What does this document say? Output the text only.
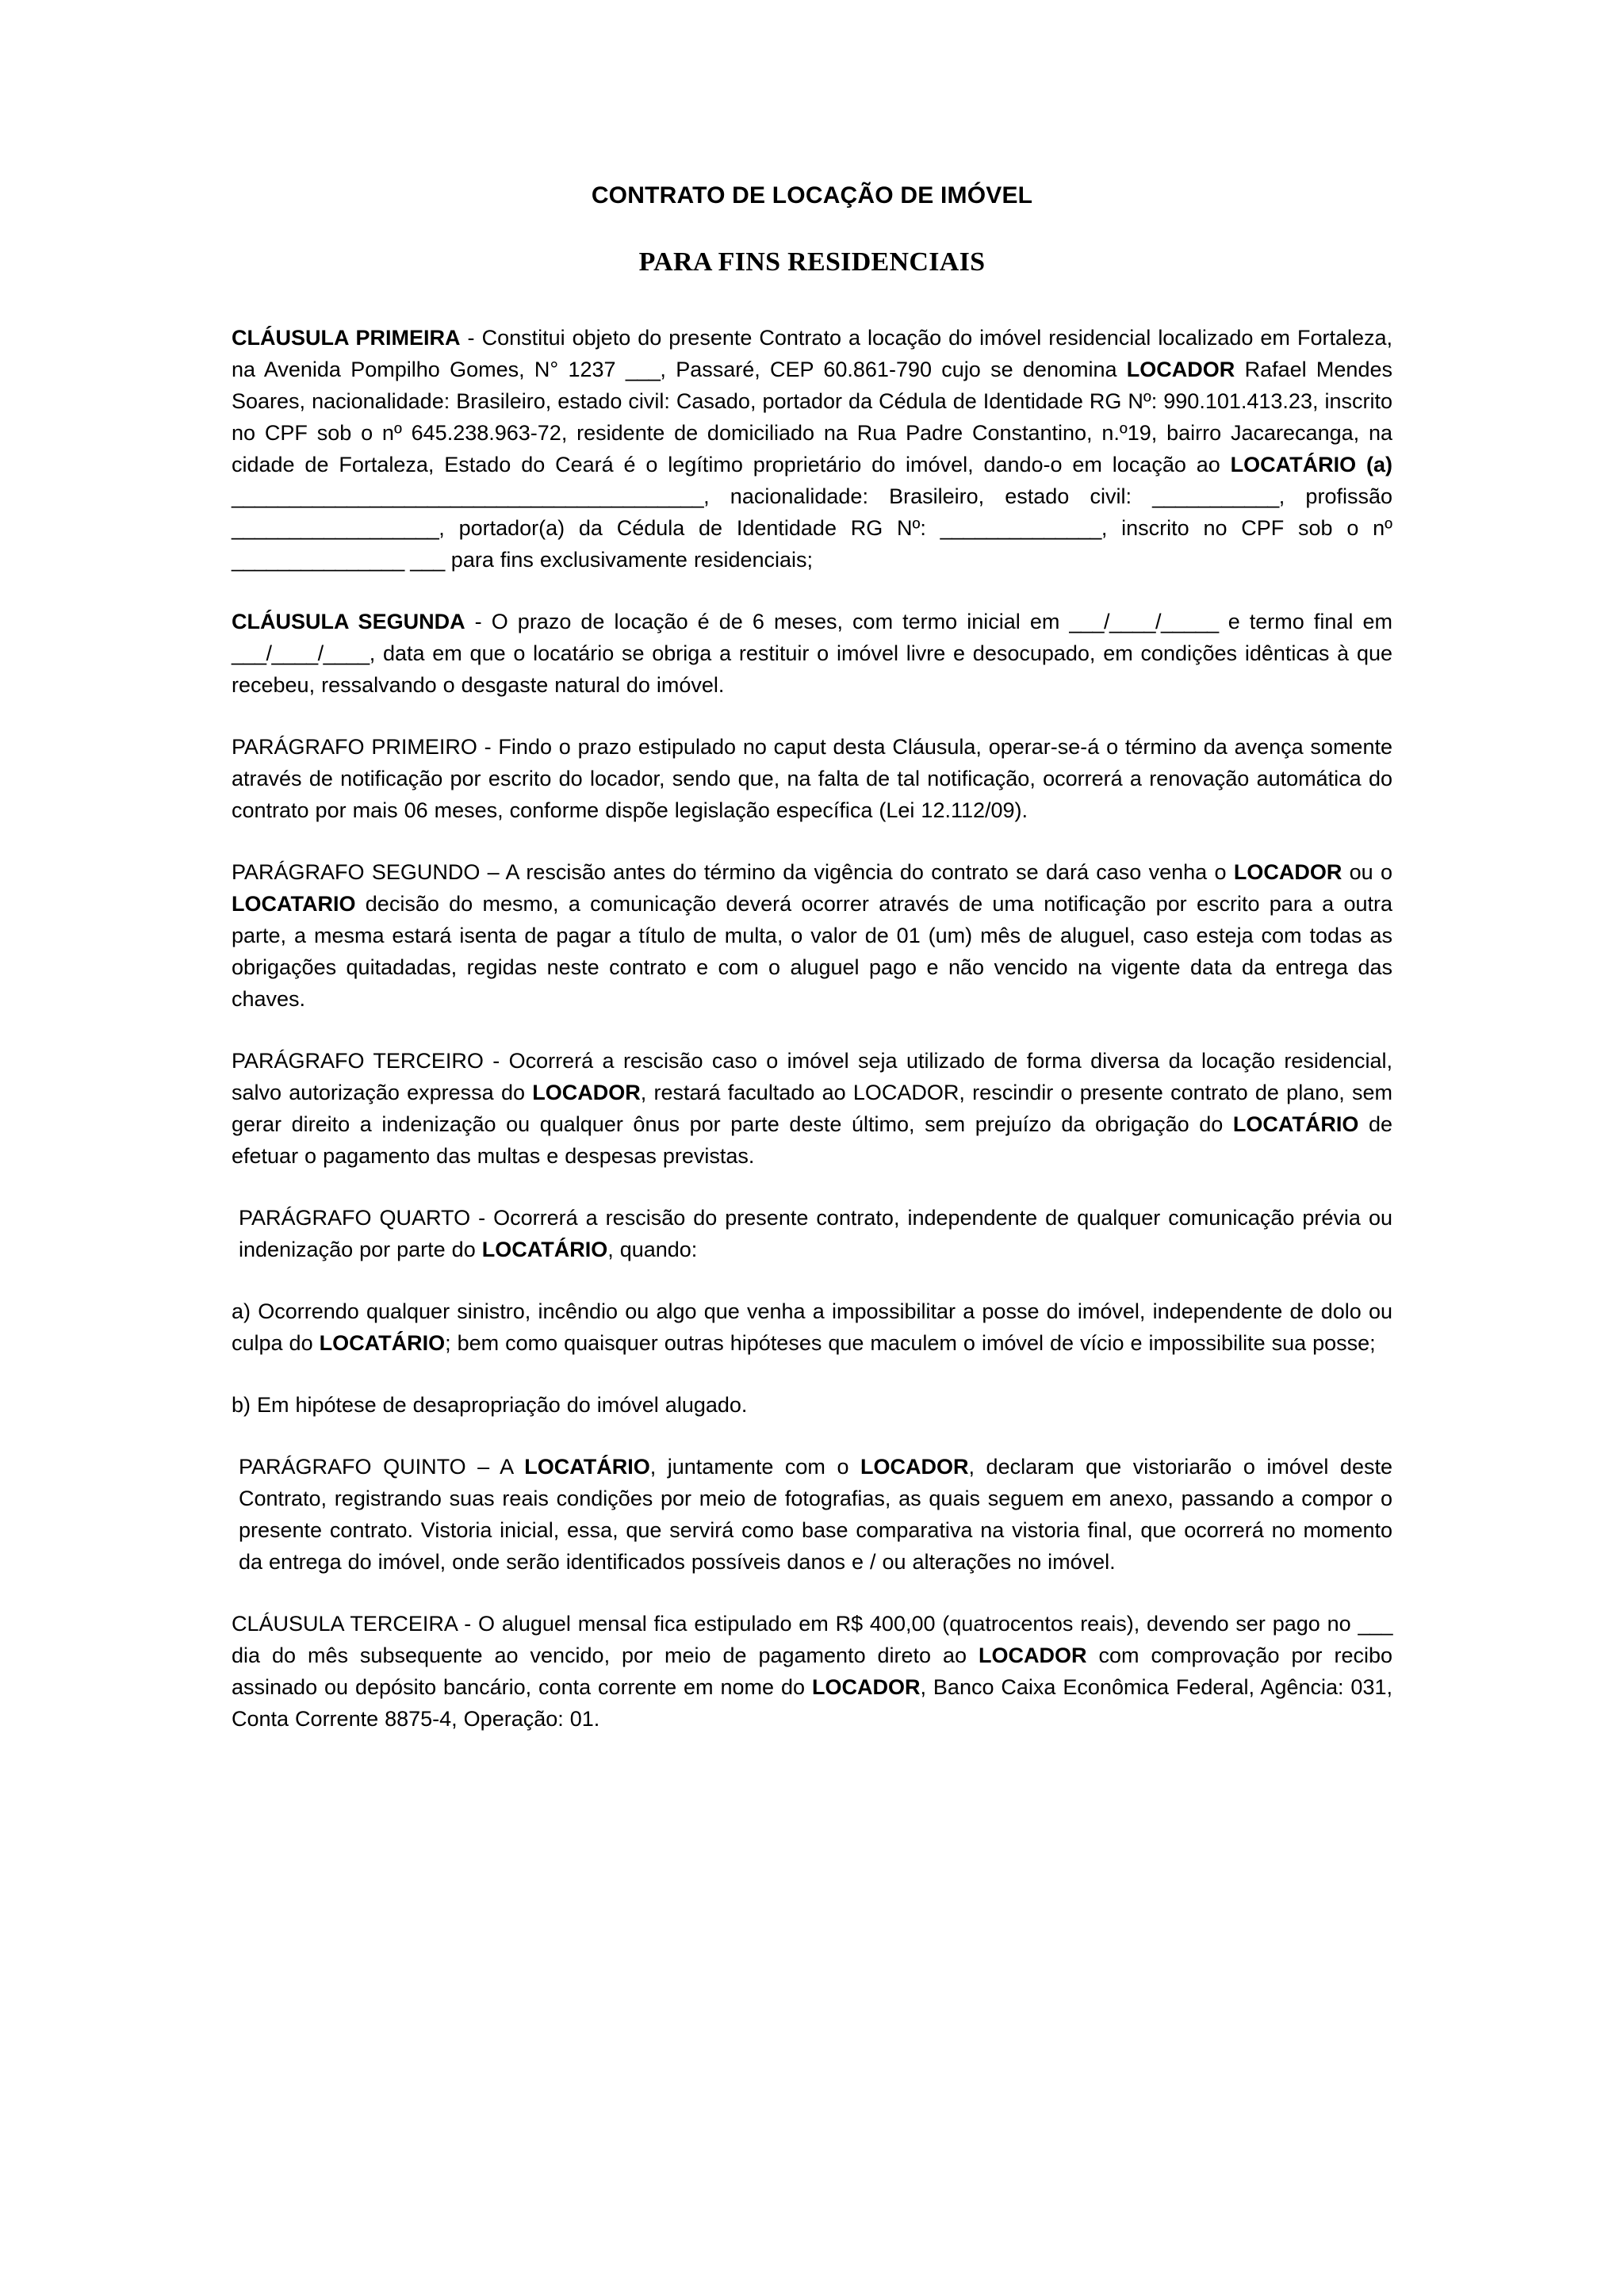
CONTRATO DE LOCAÇÃO DE IMÓVEL
PARA FINS RESIDENCIAIS

CLÁUSULA PRIMEIRA - Constitui objeto do presente Contrato a locação do imóvel residencial localizado em Fortaleza, na Avenida Pompilho Gomes, N° 1237 ___, Passaré, CEP 60.861-790 cujo se denomina LOCADOR Rafael Mendes Soares, nacionalidade: Brasileiro, estado civil: Casado, portador da Cédula de Identidade RG Nº: 990.101.413.23, inscrito no CPF sob o nº 645.238.963-72, residente de domiciliado na Rua Padre Constantino, n.º19, bairro Jacarecanga, na cidade de Fortaleza, Estado do Ceará é o legítimo proprietário do imóvel, dando-o em locação ao LOCATÁRIO (a) _________________________________________, nacionalidade: Brasileiro, estado civil: ___________, profissão __________________, portador(a) da Cédula de Identidade RG Nº: ______________, inscrito no CPF sob o nº _______________ ___ para fins exclusivamente residenciais;

CLÁUSULA SEGUNDA - O prazo de locação é de 6 meses, com termo inicial em ___/____/_____ e termo final em ___/____/____, data em que o locatário se obriga a restituir o imóvel livre e desocupado, em condições idênticas à que recebeu, ressalvando o desgaste natural do imóvel.

PARÁGRAFO PRIMEIRO - Findo o prazo estipulado no caput desta Cláusula, operar-se-á o término da avença somente através de notificação por escrito do locador, sendo que, na falta de tal notificação, ocorrerá a renovação automática do contrato por mais 06 meses, conforme dispõe legislação específica (Lei 12.112/09).

PARÁGRAFO SEGUNDO – A rescisão antes do término da vigência do contrato se dará caso venha o LOCADOR ou o LOCATARIO decisão do mesmo, a comunicação deverá ocorrer através de uma notificação por escrito para a outra parte, a mesma estará isenta de pagar a título de multa, o valor de 01 (um) mês de aluguel, caso esteja com todas as obrigações quitadadas, regidas neste contrato e com o aluguel pago e não vencido na vigente data da entrega das chaves.

PARÁGRAFO TERCEIRO - Ocorrerá a rescisão caso o imóvel seja utilizado de forma diversa da locação residencial, salvo autorização expressa do LOCADOR, restará facultado ao LOCADOR, rescindir o presente contrato de plano, sem gerar direito a indenização ou qualquer ônus por parte deste último, sem prejuízo da obrigação do LOCATÁRIO de efetuar o pagamento das multas e despesas previstas.

PARÁGRAFO QUARTO - Ocorrerá a rescisão do presente contrato, independente de qualquer comunicação prévia ou indenização por parte do LOCATÁRIO, quando:

a) Ocorrendo qualquer sinistro, incêndio ou algo que venha a impossibilitar a posse do imóvel, independente de dolo ou culpa do LOCATÁRIO; bem como quaisquer outras hipóteses que maculem o imóvel de vício e impossibilite sua posse;

b) Em hipótese de desapropriação do imóvel alugado.

PARÁGRAFO QUINTO – A LOCATÁRIO, juntamente com o LOCADOR, declaram que vistoriarão o imóvel deste Contrato, registrando suas reais condições por meio de fotografias, as quais seguem em anexo, passando a compor o presente contrato. Vistoria inicial, essa, que servirá como base comparativa na vistoria final, que ocorrerá no momento da entrega do imóvel, onde serão identificados possíveis danos e / ou alterações no imóvel.

CLÁUSULA TERCEIRA - O aluguel mensal fica estipulado em R$ 400,00 (quatrocentos reais), devendo ser pago no ___ dia do mês subsequente ao vencido, por meio de pagamento direto ao LOCADOR com comprovação por recibo assinado ou depósito bancário, conta corrente em nome do LOCADOR, Banco Caixa Econômica Federal, Agência: 031, Conta Corrente 8875-4, Operação: 01.
